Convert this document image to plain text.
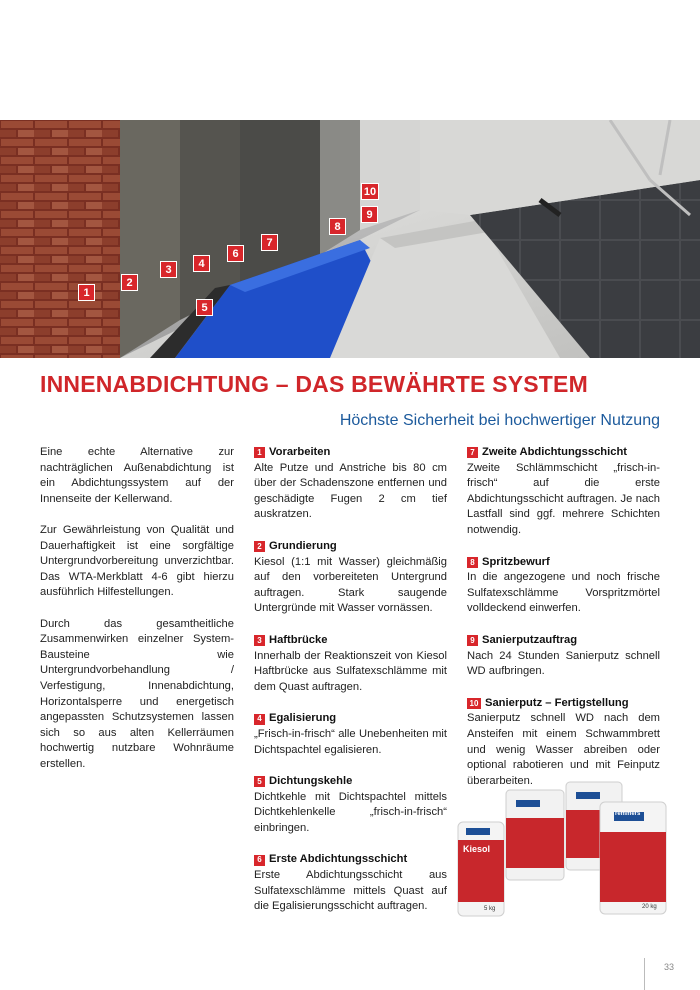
1
2
3	4
5
6
7
8
9
10
INNENABDICHTUNG – DAS BEWÄHRTE SYSTEM
Höchste Sicherheit bei hochwertiger Nutzung

Eine echte Alternative zur nachträglichen Außenabdichtung ist ein Abdichtungssystem auf der Innenseite der Kellerwand.

Zur Gewährleistung von Qualität und Dauerhaftigkeit ist eine sorgfältige Untergrundvorbereitung unverzichtbar. Das WTA-Merkblatt 4-6 gibt hierzu ausführlich Hilfestellungen.

Durch das gesamtheitliche Zusammenwirken einzelner System-Bausteine wie Untergrundvorbehandlung / Verfestigung, Innenabdichtung, Horizontalsperre und energetisch angepassten Schutzsystemen lassen sich so aus alten Kellerräumen hochwertig nutzbare Wohnräume erstellen.

1 Vorarbeiten
Alte Putze und Anstriche bis 80 cm über der Schadenszone entfernen und geschädigte Fugen 2 cm tief auskratzen.
2 Grundierung
Kiesol (1:1 mit Wasser) gleichmäßig auf den vorbereiteten Untergrund auftragen. Stark saugende Untergründe mit Wasser vornässen.
3 Haftbrücke
Innerhalb der Reaktionszeit von Kiesol Haftbrücke aus Sulfatexschlämme mit dem Quast auftragen.
4 Egalisierung
„Frisch-in-frisch“ alle Unebenheiten mit Dichtspachtel egalisieren.
5 Dichtungskehle
Dichtkehle mit Dichtspachtel mittels Dichtkehlenkelle „frisch-in-frisch“ einbringen.
6 Erste Abdichtungsschicht
Erste Abdichtungsschicht aus Sulfatexschlämme mittels Quast auf die Egalisierungsschicht auftragen.
7 Zweite Abdichtungsschicht
Zweite Schlämmschicht „frisch-in-frisch“ auf die erste Abdichtungsschicht auftragen. Je nach Lastfall sind ggf. mehrere Schichten notwendig.
8 Spritzbewurf
In die angezogene und noch frische Sulfatexschlämme Vorspritzmörtel volldeckend einwerfen.
9 Sanierputzauftrag
Nach 24 Stunden Sanierputz schnell WD aufbringen.
10 Sanierputz – Fertigstellung
Sanierputz schnell WD nach dem Ansteifen mit einem Schwammbrett und wenig Wasser abreiben oder optional rabotieren und mit Feinputz überarbeiten.
remmers
Kiesol
5 kg	20 kg
33
